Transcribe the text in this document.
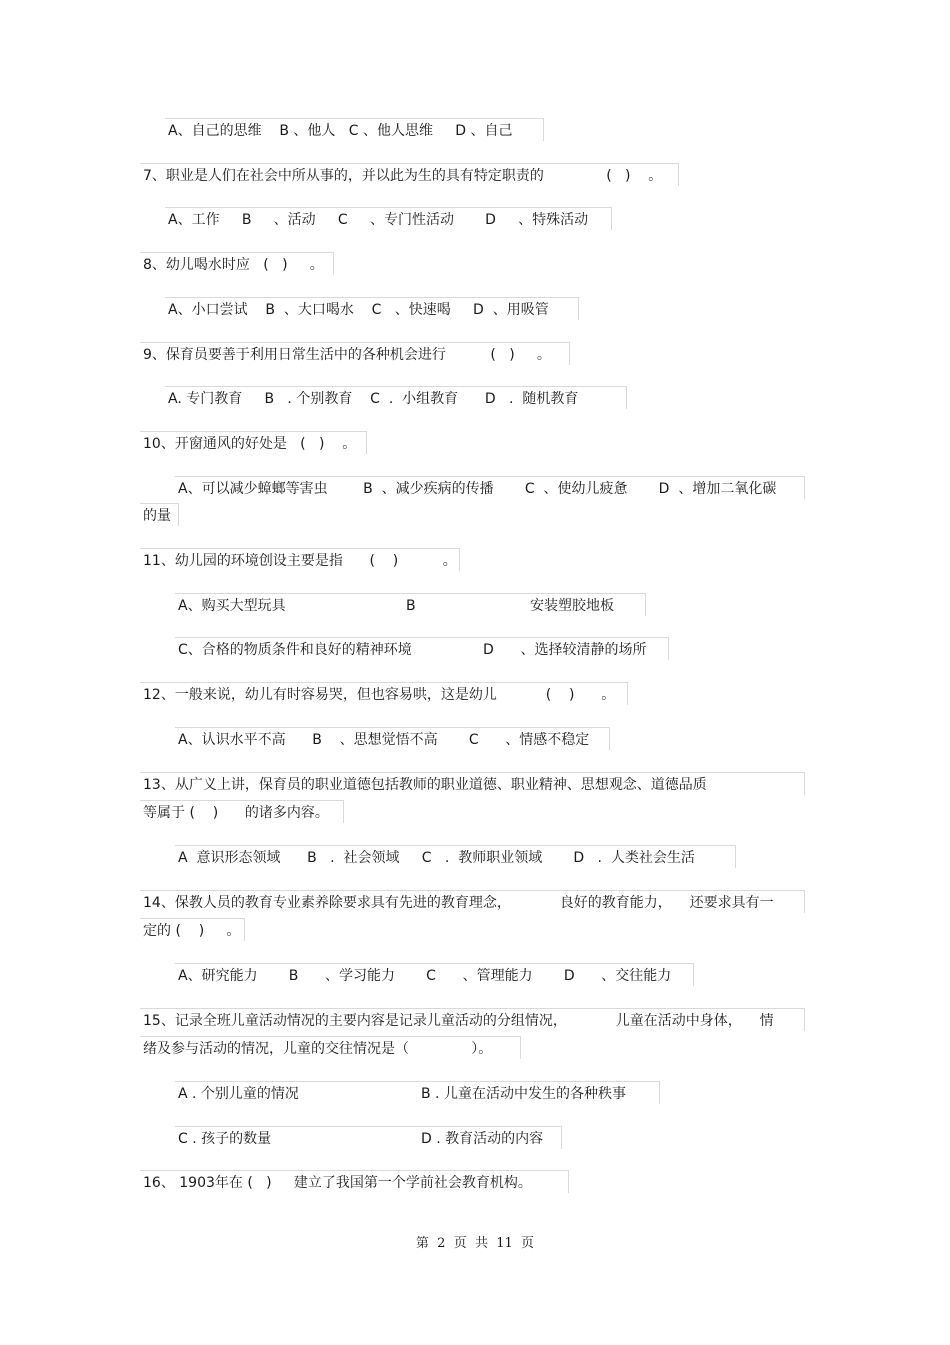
A、自己的思维    B 、他人   C 、他人思维     D 、自己
7、职业是人们在社会中所从事的，并以此为生的具有特定职责的              (   )    。
A、工作     B     、活动     C     、专门性活动       D     、特殊活动
8、幼儿喝水时应   (   )     。
A、小口尝试    B  、大口喝水    C   、快速喝     D  、用吸管
9、保育员要善于利用日常生活中的各种机会进行          (   )     。
A. 专门教育     B   . 个别教育    C  .  小组教育      D   .  随机教育
10、开窗通风的好处是   (   )    。
A、可以减少蟑螂等害虫        B  、减少疾病的传播       C  、使幼儿疲惫       D  、增加二氧化碳
的量
11、幼儿园的环境创设主要是指      (    )          。
A、购买大型玩具	B	安装塑胶地板
C、合格的物质条件和良好的精神环境                D      、选择较清静的场所
12、一般来说，幼儿有时容易哭，但也容易哄，这是幼儿           (    )      。
A、认识水平不高      B    、思想觉悟不高       C      、情感不稳定
13、从广义上讲，保育员的职业道德包括教师的职业道德、职业精神、思想观念、道德品质
等属于 (    )      的诸多内容。
A  意识形态领域      B   .  社会领域     C   .  教师职业领域       D   .  人类社会生活
14、保教人员的教育专业素养除要求具有先进的教育理念，           良好的教育能力，    还要求具有一
定的 (    )     。
A、研究能力       B      、学习能力       C      、管理能力       D      、交往能力
15、记录全班儿童活动情况的主要内容是记录儿童活动的分组情况，           儿童在活动中身体，    情
绪及参与活动的情况，儿童的交往情况是（              ）。
A . 个别儿童的情况	B . 儿童在活动中发生的各种秩事
C . 孩子的数量	D . 教育活动的内容
16、 1903年在 (   )     建立了我国第一个学前社会教育机构。
第  2  页  共  11  页
